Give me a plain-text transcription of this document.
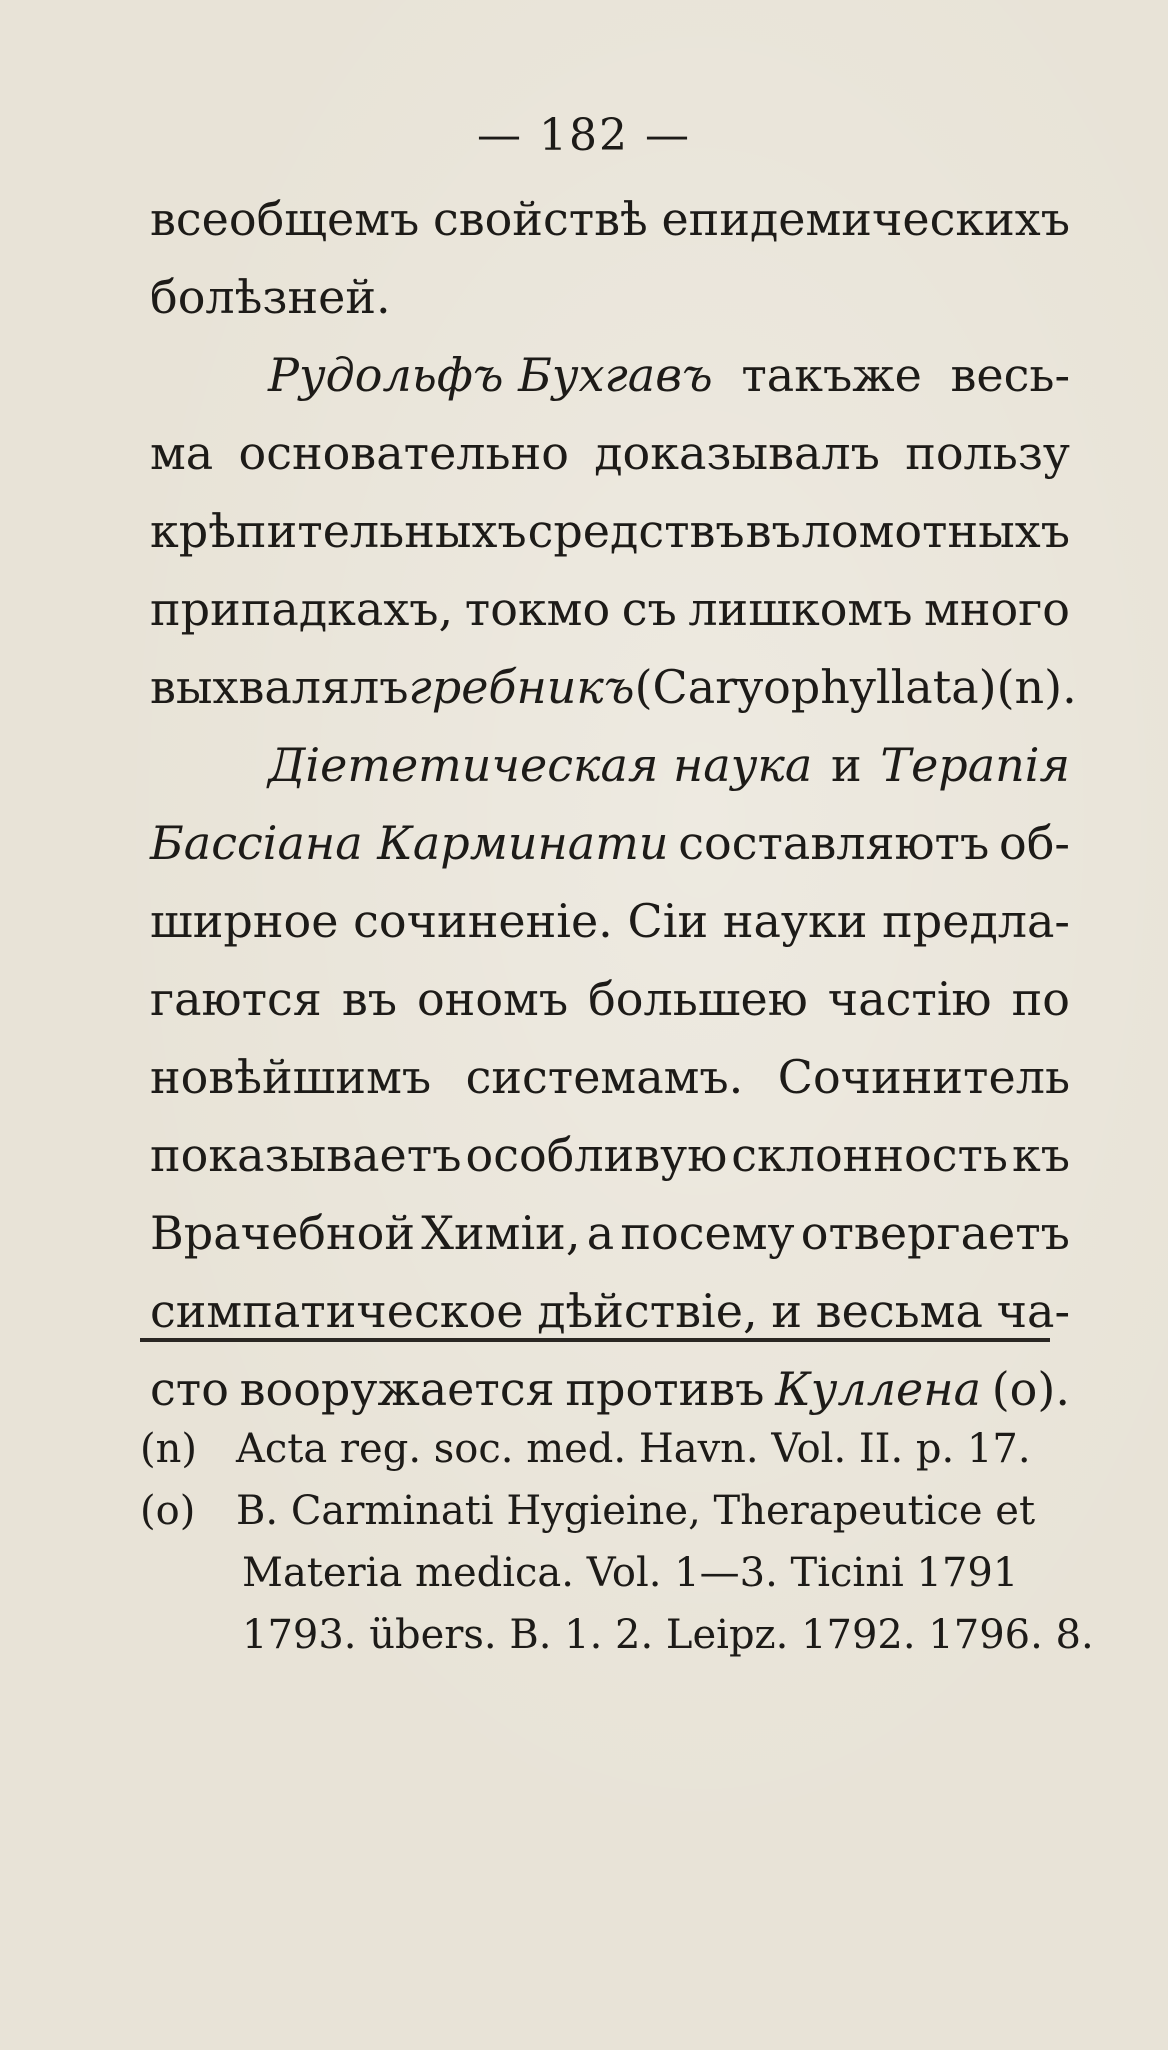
— 182 —
всеобщемъ свойствѣ епидемическихъ
болѣзней.
Рудольфъ Бухгавъ такъже весь-
ма основательно доказывалъ пользу
крѣпительныхъ средствъ въ ломотныхъ
припадкахъ, токмо съ лишкомъ много
выхвалялъ гребникъ (Caryophyllata) (n).
Діететическая наука и Терапія
Бассіана Карминати составляютъ об-
ширное сочиненіе. Сіи науки предла-
гаются въ ономъ большею частію по
новѣйшимъ системамъ. Сочинитель
показываетъ особливую склонность къ
Врачебной Химіи, а посему отвергаетъ
симпатическое дѣйствіе, и весьма ча-
сто вооружается противъ Куллена (о).
(n) Acta reg. soc. med. Havn. Vol. II. p. 17.
(o) B. Carminati Hygieine, Therapeutice et
Materia medica. Vol. 1—3. Ticini 1791
1793. übers. B. 1. 2. Leipz. 1792. 1796. 8.
